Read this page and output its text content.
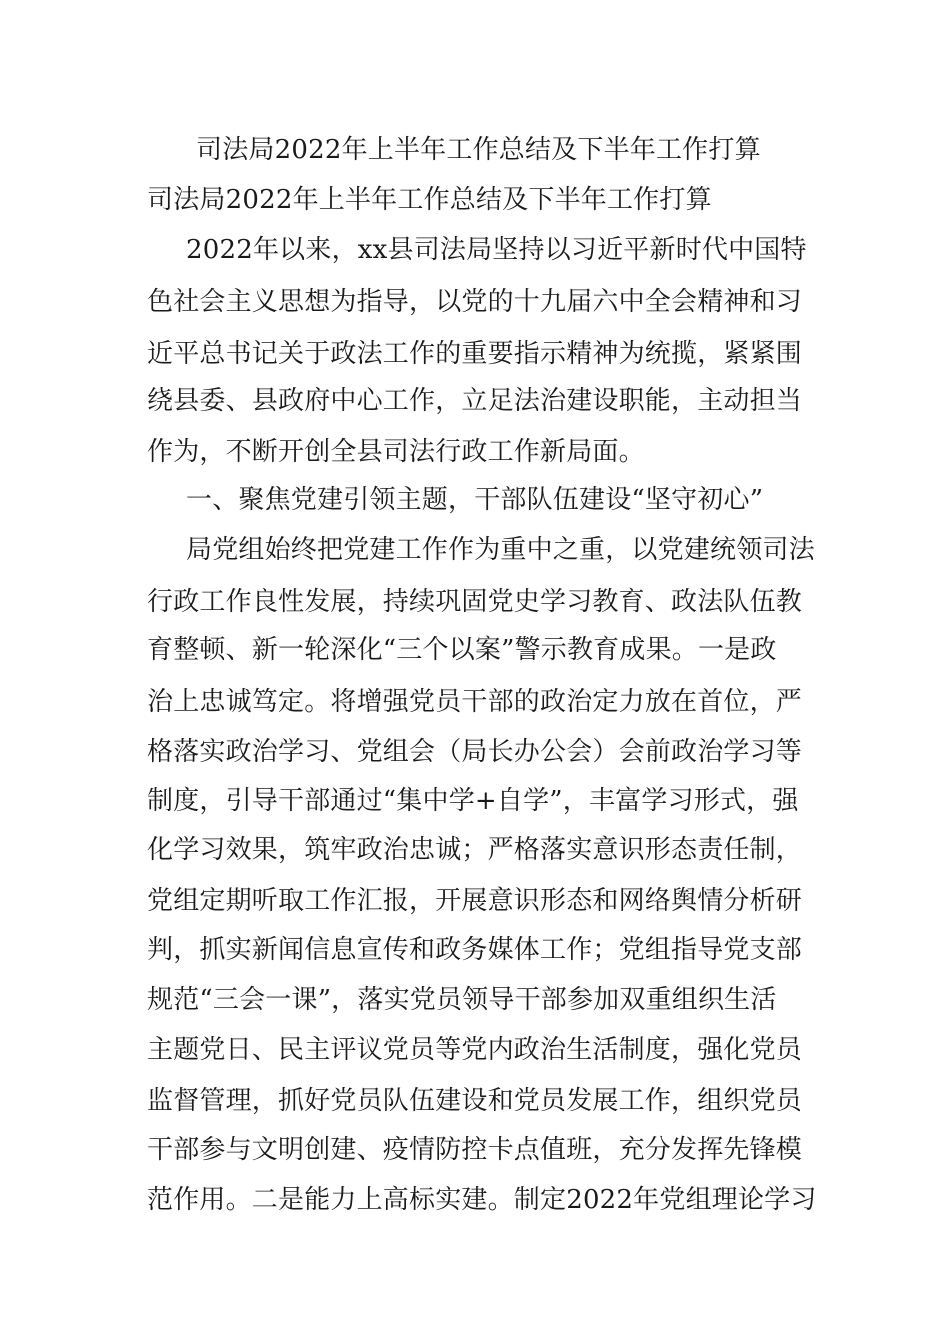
司法局2022年上半年工作总结及下半年工作打算
司法局2022年上半年工作总结及下半年工作打算
2022年以来，xx县司法局坚持以习近平新时代中国特
色社会主义思想为指导，以党的十九届六中全会精神和习
近平总书记关于政法工作的重要指示精神为统揽，紧紧围
绕县委、县政府中心工作，立足法治建设职能，主动担当
作为，不断开创全县司法行政工作新局面。
一、聚焦党建引领主题，干部队伍建设“坚守初心”
局党组始终把党建工作作为重中之重，以党建统领司法
行政工作良性发展，持续巩固党史学习教育、政法队伍教
育整顿、新一轮深化“三个以案”警示教育成果。一是政
治上忠诚笃定。将增强党员干部的政治定力放在首位，严
格落实政治学习、党组会（局长办公会）会前政治学习等
制度，引导干部通过“集中学+自学”，丰富学习形式，强
化学习效果，筑牢政治忠诚；严格落实意识形态责任制，
党组定期听取工作汇报，开展意识形态和网络舆情分析研
判，抓实新闻信息宣传和政务媒体工作；党组指导党支部
规范“三会一课”，落实党员领导干部参加双重组织生活
主题党日、民主评议党员等党内政治生活制度，强化党员
监督管理，抓好党员队伍建设和党员发展工作，组织党员
干部参与文明创建、疫情防控卡点值班，充分发挥先锋模
范作用。二是能力上高标实建。制定2022年党组理论学习
